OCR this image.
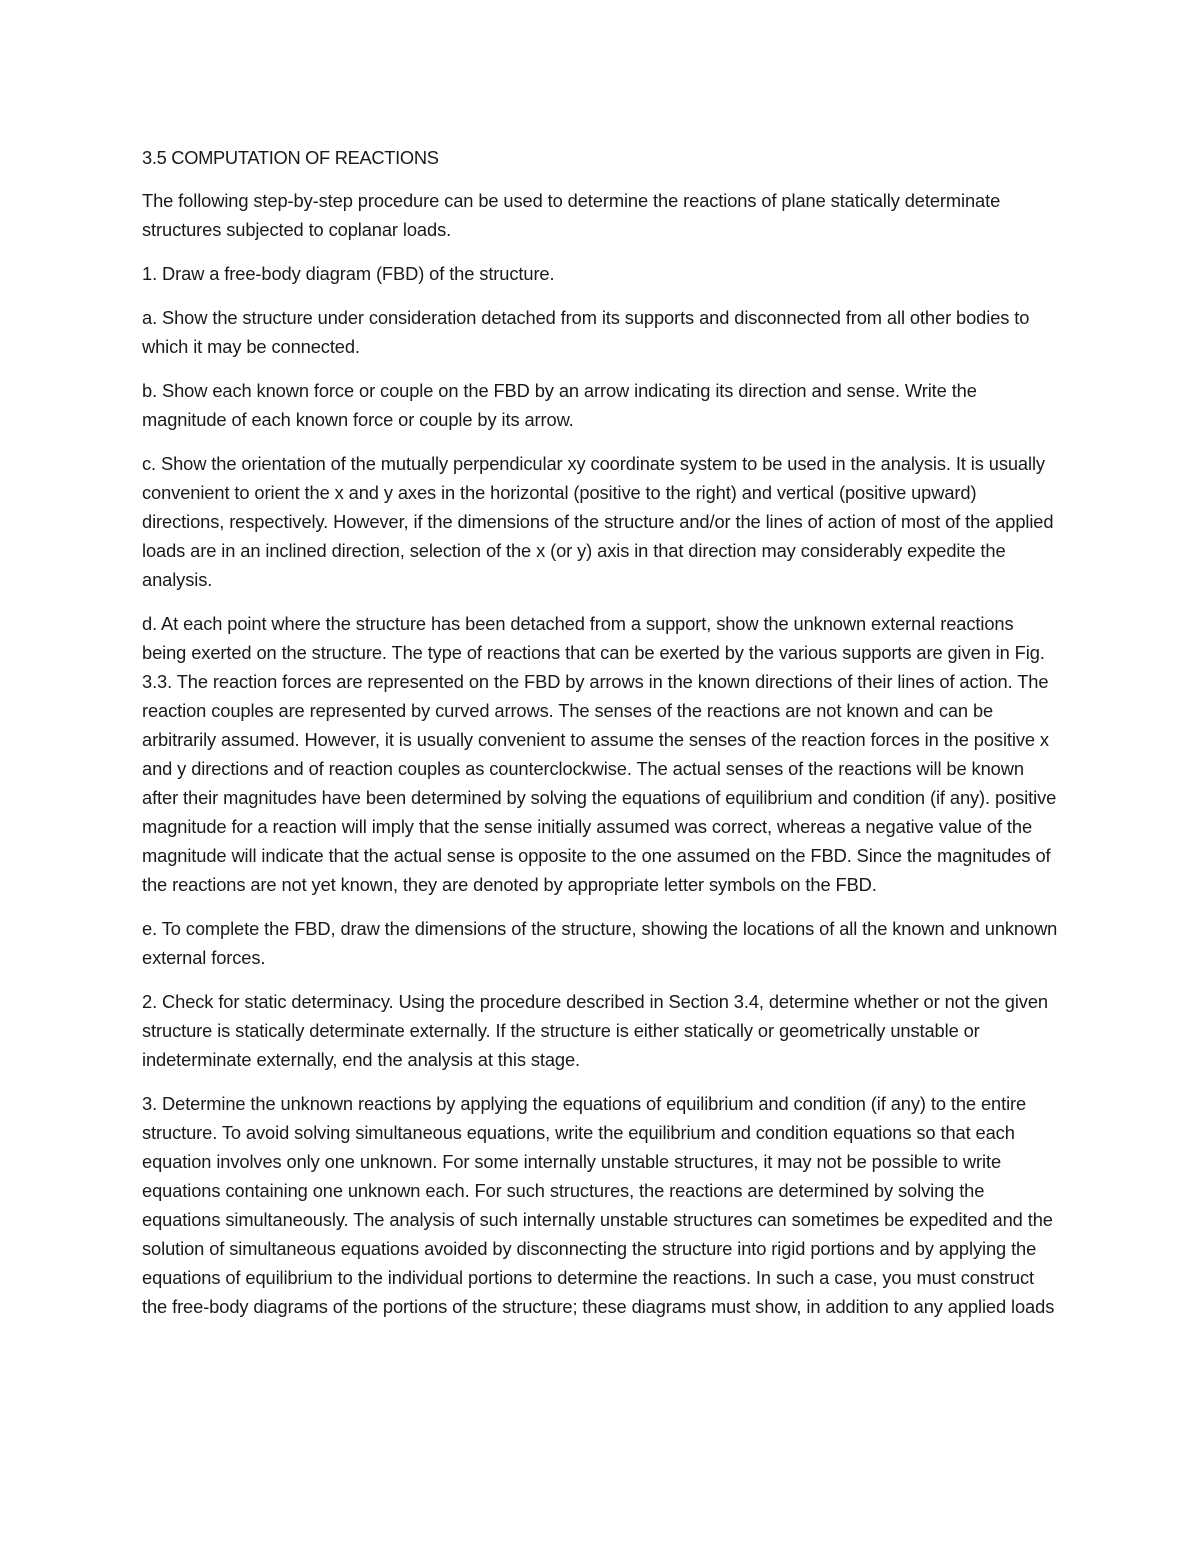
3.5 COMPUTATION OF REACTIONS

The following step-by-step procedure can be used to determine the reactions of plane statically determinate structures subjected to coplanar loads.

1. Draw a free-body diagram (FBD) of the structure.

a. Show the structure under consideration detached from its supports and disconnected from all other bodies to which it may be connected.

b. Show each known force or couple on the FBD by an arrow indicating its direction and sense. Write the magnitude of each known force or couple by its arrow.

c. Show the orientation of the mutually perpendicular xy coordinate system to be used in the analysis. It is usually convenient to orient the x and y axes in the horizontal (positive to the right) and vertical (positive upward) directions, respectively. However, if the dimensions of the structure and/or the lines of action of most of the applied loads are in an inclined direction, selection of the x (or y) axis in that direction may considerably expedite the analysis.

d. At each point where the structure has been detached from a support, show the unknown external reactions being exerted on the structure. The type of reactions that can be exerted by the various supports are given in Fig. 3.3. The reaction forces are represented on the FBD by arrows in the known directions of their lines of action. The reaction couples are represented by curved arrows. The senses of the reactions are not known and can be arbitrarily assumed. However, it is usually convenient to assume the senses of the reaction forces in the positive x and y directions and of reaction couples as counterclockwise. The actual senses of the reactions will be known after their magnitudes have been determined by solving the equations of equilibrium and condition (if any). positive magnitude for a reaction will imply that the sense initially assumed was correct, whereas a negative value of the magnitude will indicate that the actual sense is opposite to the one assumed on the FBD. Since the magnitudes of the reactions are not yet known, they are denoted by appropriate letter symbols on the FBD.

e. To complete the FBD, draw the dimensions of the structure, showing the locations of all the known and unknown external forces.

2. Check for static determinacy. Using the procedure described in Section 3.4, determine whether or not the given structure is statically determinate externally. If the structure is either statically or geometrically unstable or indeterminate externally, end the analysis at this stage.

3. Determine the unknown reactions by applying the equations of equilibrium and condition (if any) to the entire structure. To avoid solving simultaneous equations, write the equilibrium and condition equations so that each equation involves only one unknown. For some internally unstable structures, it may not be possible to write equations containing one unknown each. For such structures, the reactions are determined by solving the equations simultaneously. The analysis of such internally unstable structures can sometimes be expedited and the solution of simultaneous equations avoided by disconnecting the structure into rigid portions and by applying the equations of equilibrium to the individual portions to determine the reactions. In such a case, you must construct the free-body diagrams of the portions of the structure; these diagrams must show, in addition to any applied loads
